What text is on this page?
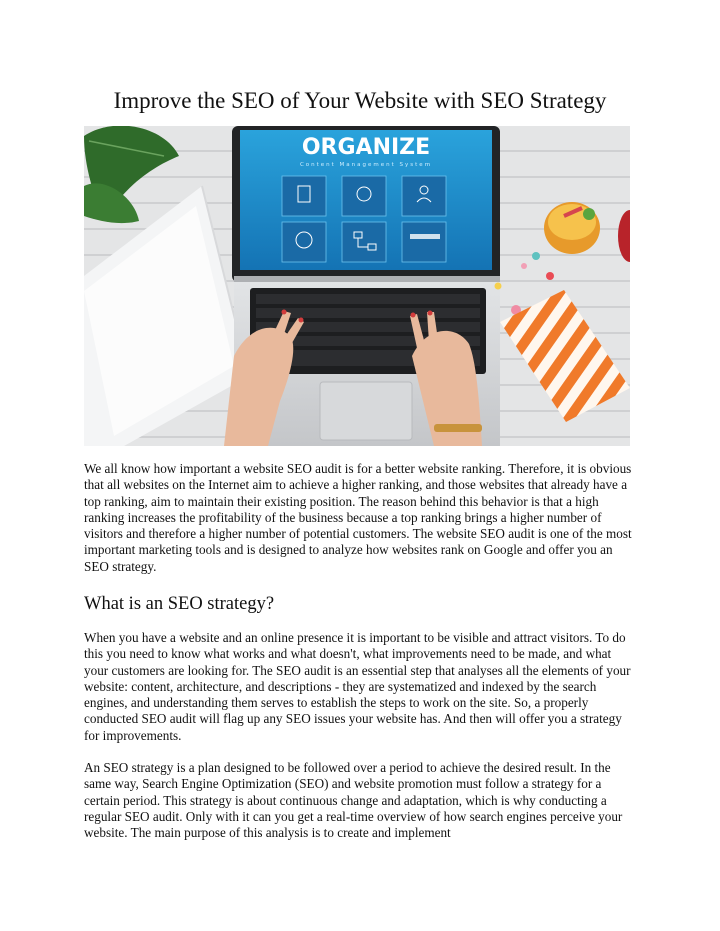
Improve the SEO of Your Website with SEO Strategy
ORGANIZE
Content Management System

We all know how important a website SEO audit is for a better website ranking. Therefore, it is obvious that all websites on the Internet aim to achieve a higher ranking, and those websites that already have a top ranking, aim to maintain their existing position. The reason behind this behavior is that a high ranking increases the profitability of the business because a top ranking brings a higher number of visitors and therefore a higher number of potential customers. The website SEO audit is one of the most important marketing tools and is designed to analyze how websites rank on Google and offer you an SEO strategy.

What is an SEO strategy?

When you have a website and an online presence it is important to be visible and attract visitors. To do this you need to know what works and what doesn't, what improvements need to be made, and what your customers are looking for. The SEO audit is an essential step that analyses all the elements of your website: content, architecture, and descriptions - they are systematized and indexed by the search engines, and understanding them serves to establish the steps to work on the site. So, a properly conducted SEO audit will flag up any SEO issues your website has. And then will offer you a strategy for improvements.

An SEO strategy is a plan designed to be followed over a period to achieve the desired result. In the same way, Search Engine Optimization (SEO) and website promotion must follow a strategy for a certain period. This strategy is about continuous change and adaptation, which is why conducting a regular SEO audit. Only with it can you get a real-time overview of how search engines perceive your website. The main purpose of this analysis is to create and implement
